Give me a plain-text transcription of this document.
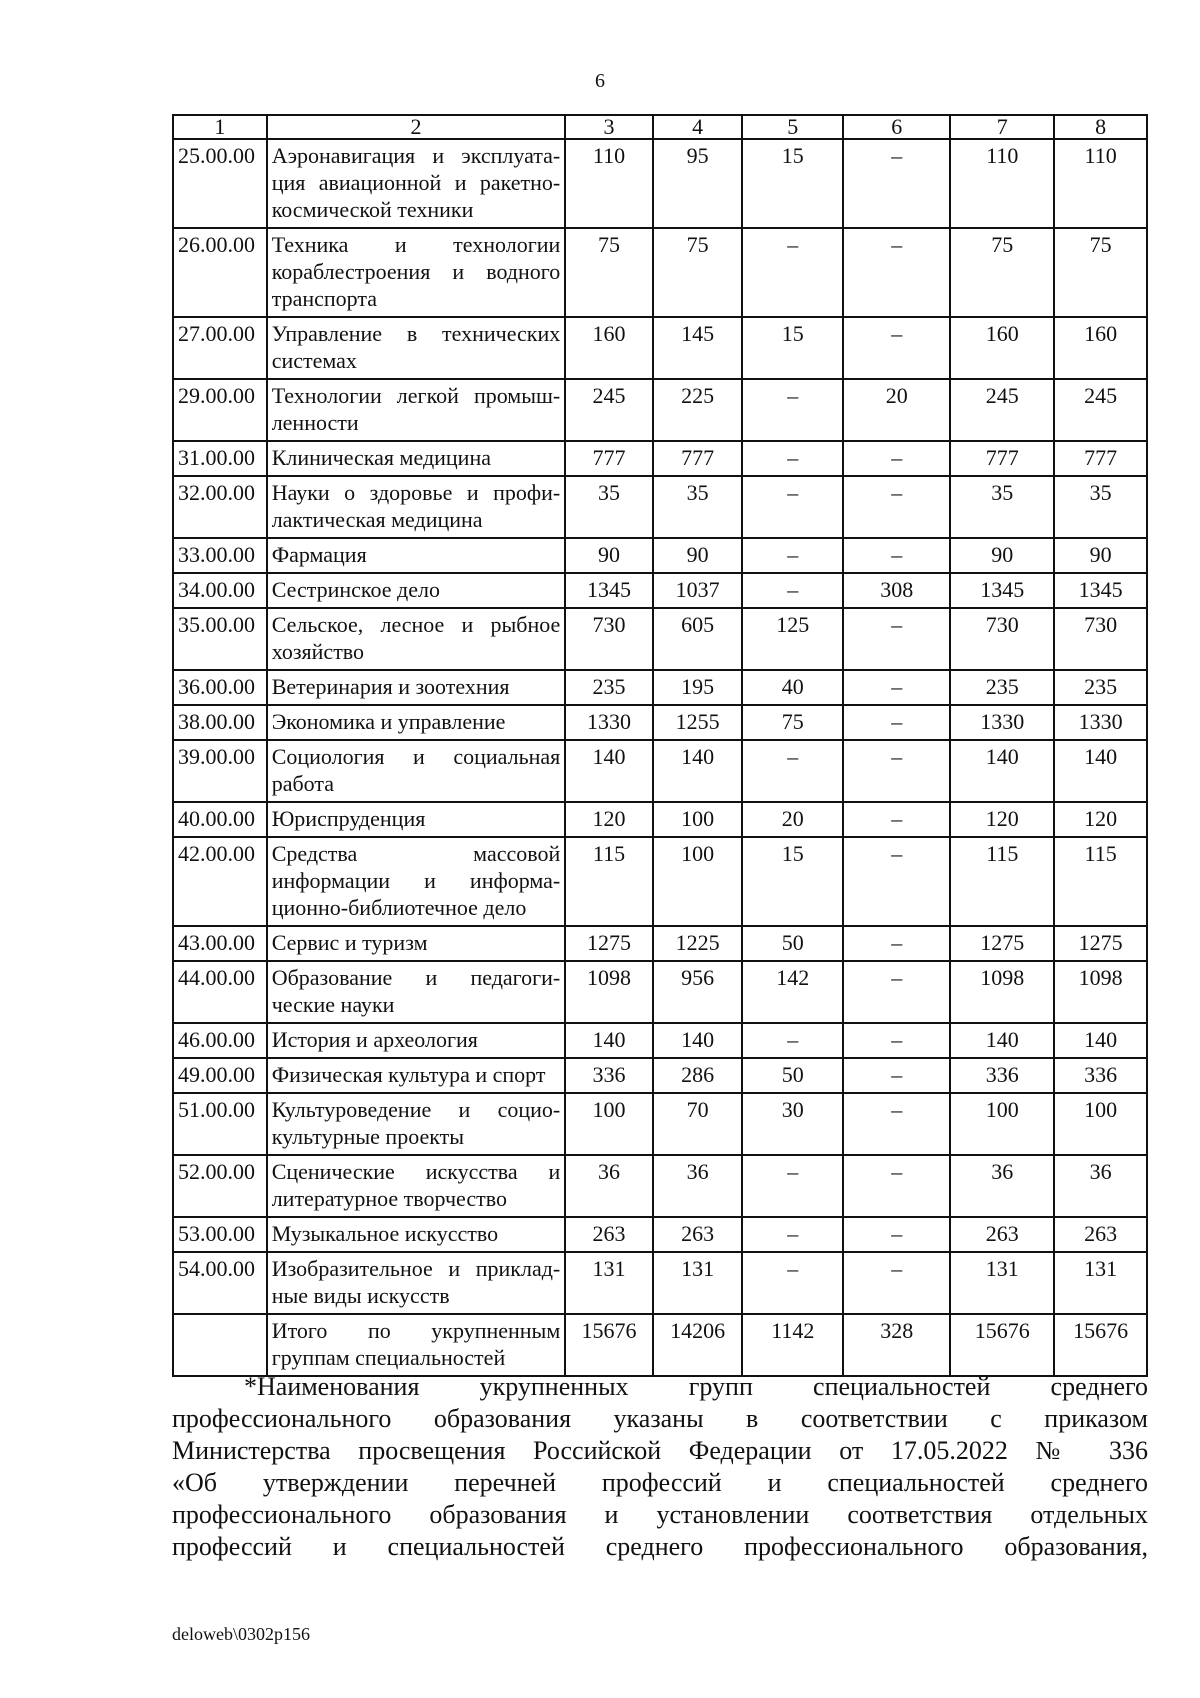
6
1	2	3	4	5	6	7	8
25.00.00	Аэронавигация и эксплуата-ция авиационной и ракетно-космической техники	110	95	15	–	110	110
26.00.00	Техника и технологии кораблестроения и водного транспорта	75	75	–	–	75	75
27.00.00	Управление в технических системах	160	145	15	–	160	160
29.00.00	Технологии легкой промыш-ленности	245	225	–	20	245	245
31.00.00	Клиническая медицина	777	777	–	–	777	777
32.00.00	Науки о здоровье и профи-лактическая медицина	35	35	–	–	35	35
33.00.00	Фармация	90	90	–	–	90	90
34.00.00	Сестринское дело	1345	1037	–	308	1345	1345
35.00.00	Сельское, лесное и рыбное хозяйство	730	605	125	–	730	730
36.00.00	Ветеринария и зоотехния	235	195	40	–	235	235
38.00.00	Экономика и управление	1330	1255	75	–	1330	1330
39.00.00	Социология и социальная работа	140	140	–	–	140	140
40.00.00	Юриспруденция	120	100	20	–	120	120
42.00.00	Средства массовой информации и информа-ционно-библиотечное дело	115	100	15	–	115	115
43.00.00	Сервис и туризм	1275	1225	50	–	1275	1275
44.00.00	Образование и педагоги-ческие науки	1098	956	142	–	1098	1098
46.00.00	История и археология	140	140	–	–	140	140
49.00.00	Физическая культура и спорт	336	286	50	–	336	336
51.00.00	Культуроведение и социо-культурные проекты	100	70	30	–	100	100
52.00.00	Сценические искусства и литературное творчество	36	36	–	–	36	36
53.00.00	Музыкальное искусство	263	263	–	–	263	263
54.00.00	Изобразительное и приклад-ные виды искусств	131	131	–	–	131	131
	Итого по укрупненным группам специальностей	15676	14206	1142	328	15676	15676
*Наименования укрупненных групп специальностей среднего
профессионального образования указаны в соответствии с приказом
Министерства просвещения Российской Федерации от 17.05.2022 № 336
«Об утверждении перечней профессий и специальностей среднего
профессионального образования и установлении соответствия отдельных
профессий и специальностей среднего профессионального образования,
deloweb\0302p156
